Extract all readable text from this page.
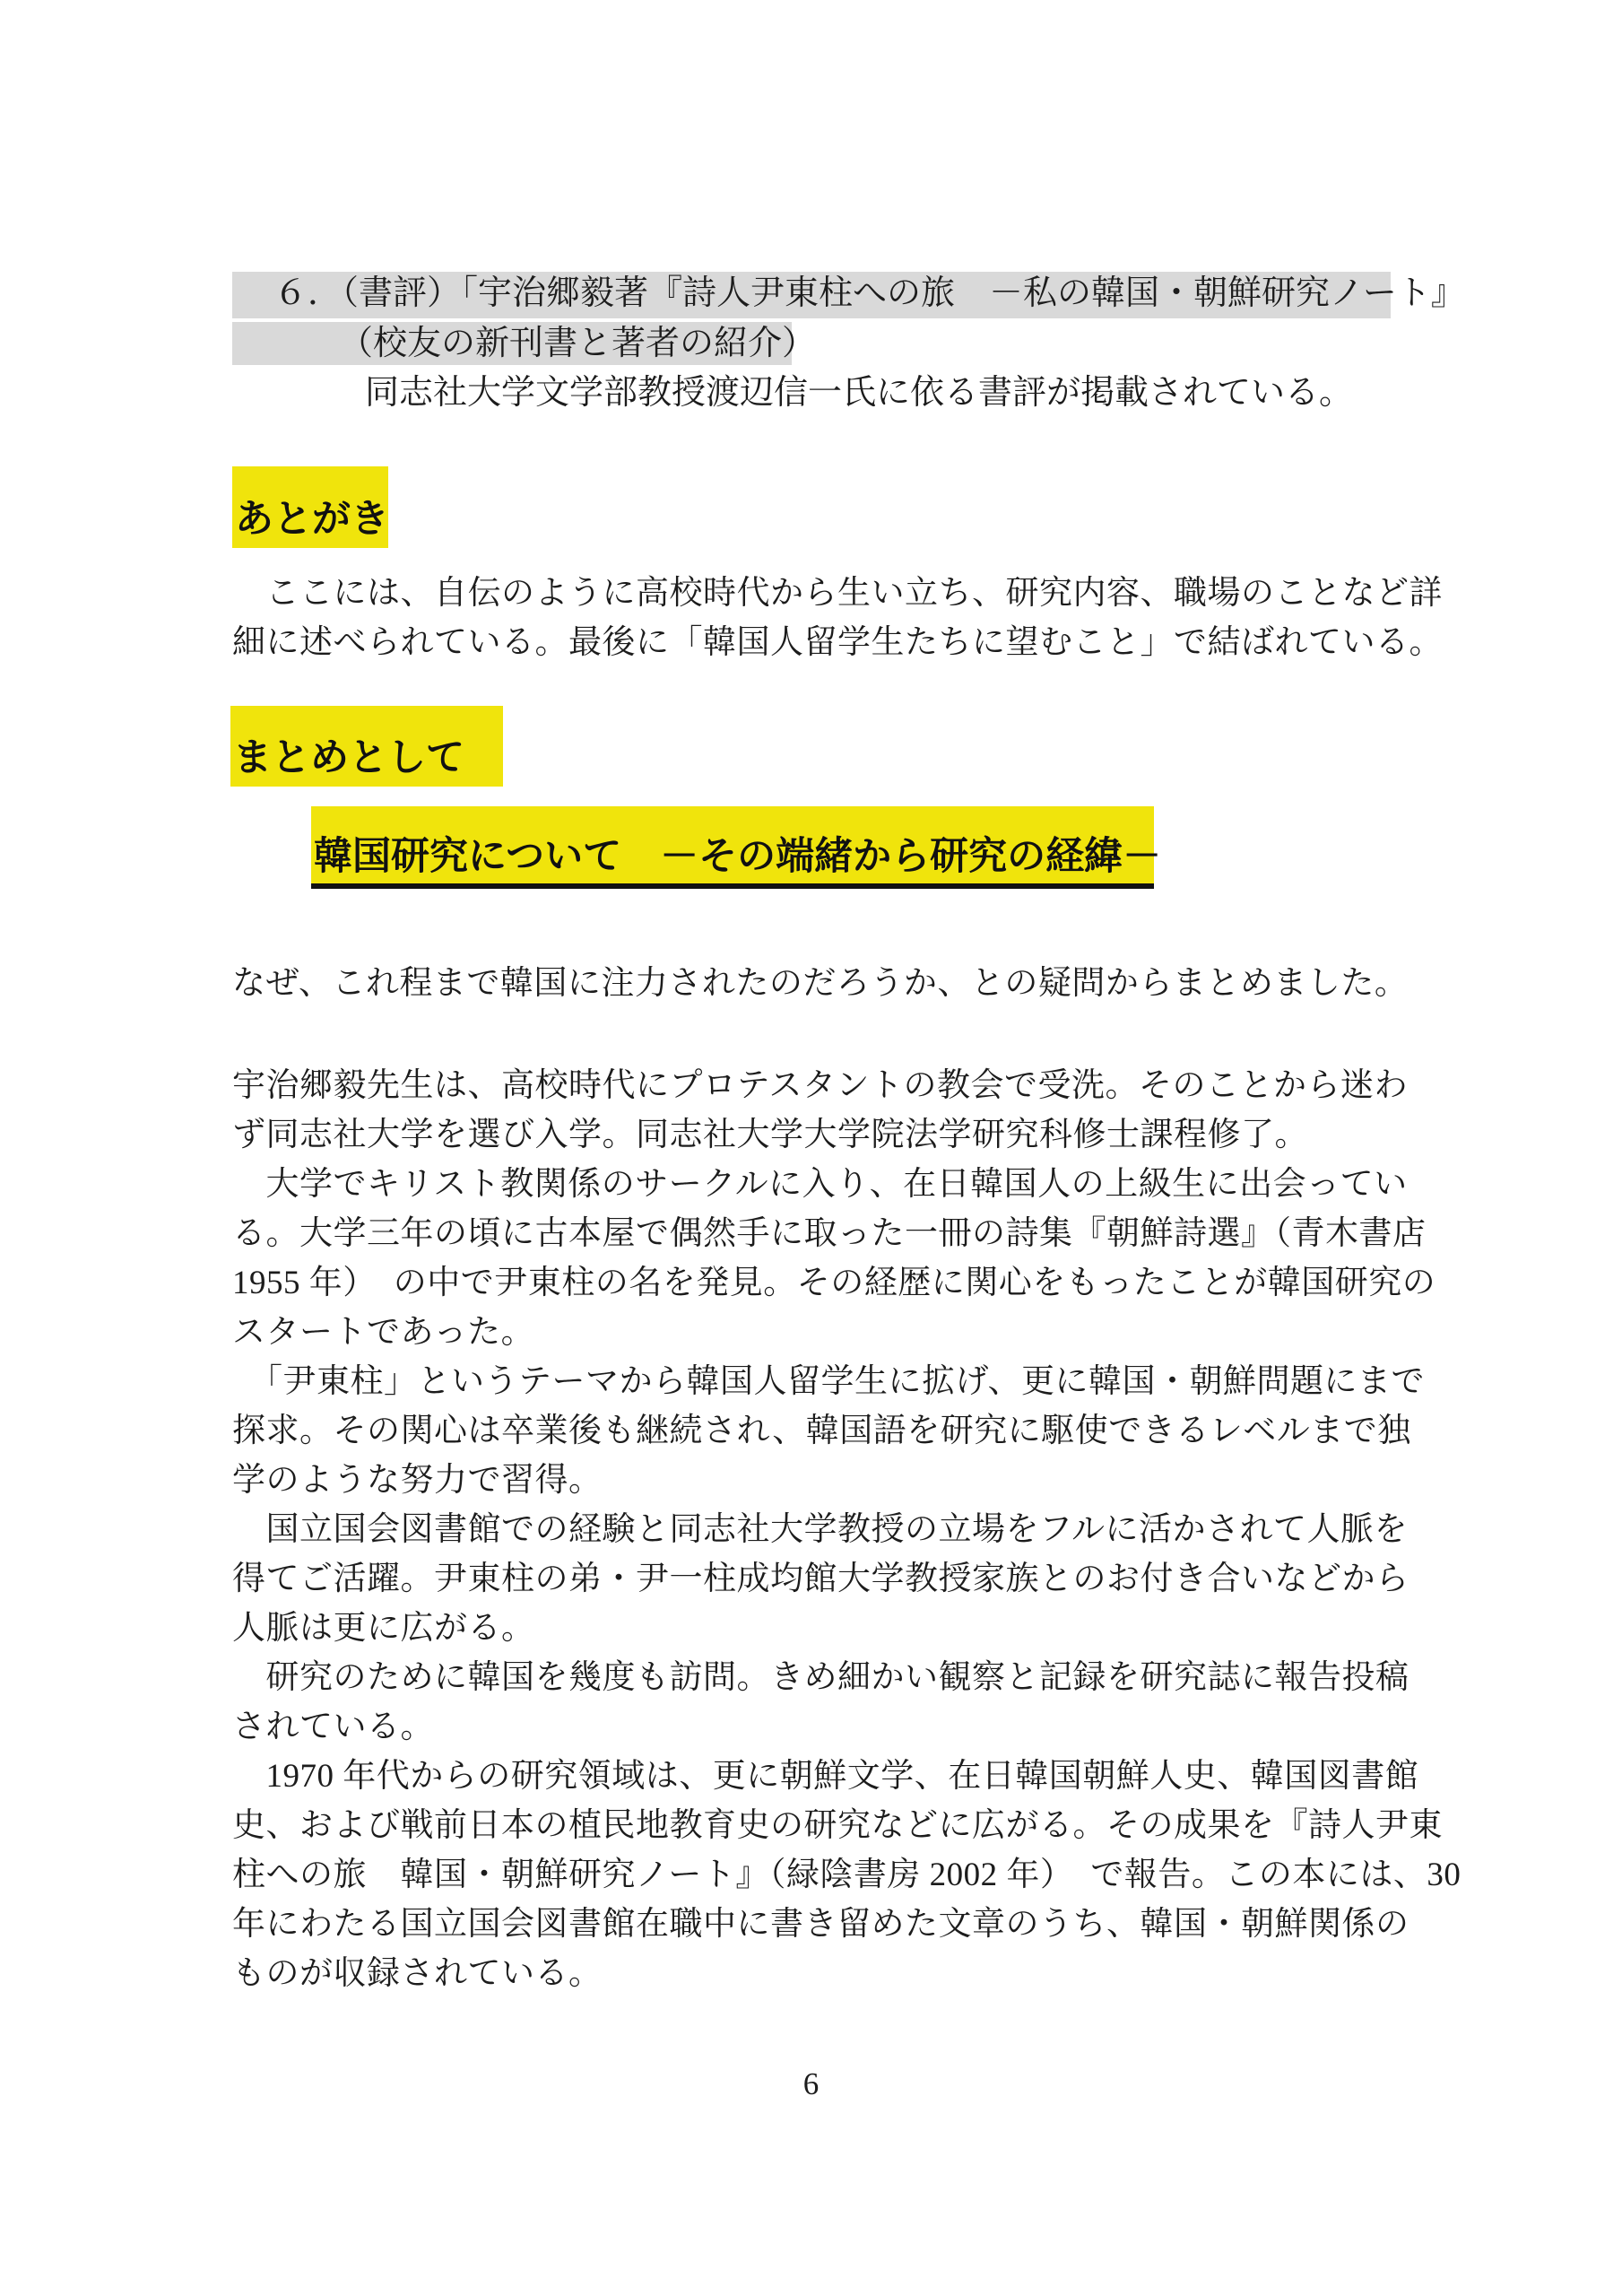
６．（書評）「宇治郷毅著『詩人尹東柱への旅　－私の韓国・朝鮮研究ノート』
（校友の新刊書と著者の紹介）
同志社大学文学部教授渡辺信一氏に依る書評が掲載されている。
あとがき
　ここには、自伝のように高校時代から生い立ち、研究内容、職場のことなど詳
細に述べられている。最後に「韓国人留学生たちに望むこと」で結ばれている。
まとめとして
韓国研究について　－その端緒から研究の経緯－
なぜ、これ程まで韓国に注力されたのだろうか、との疑問からまとめました。
宇治郷毅先生は、高校時代にプロテスタントの教会で受洗。そのことから迷わ
ず同志社大学を選び入学。同志社大学大学院法学研究科修士課程修了。
　大学でキリスト教関係のサークルに入り、在日韓国人の上級生に出会ってい
る。大学三年の頃に古本屋で偶然手に取った一冊の詩集『朝鮮詩選』（青木書店
1955 年）　の中で尹東柱の名を発見。その経歴に関心をもったことが韓国研究の
スタートであった。
　「尹東柱」というテーマから韓国人留学生に拡げ、更に韓国・朝鮮問題にまで
探求。その関心は卒業後も継続され、韓国語を研究に駆使できるレベルまで独
学のような努力で習得。
　国立国会図書館での経験と同志社大学教授の立場をフルに活かされて人脈を
得てご活躍。尹東柱の弟・尹一柱成均館大学教授家族とのお付き合いなどから
人脈は更に広がる。
　研究のために韓国を幾度も訪問。きめ細かい観察と記録を研究誌に報告投稿
されている。
　1970 年代からの研究領域は、更に朝鮮文学、在日韓国朝鮮人史、韓国図書館
史、および戦前日本の植民地教育史の研究などに広がる。その成果を『詩人尹東
柱への旅　韓国・朝鮮研究ノート』（緑陰書房 2002 年）　で報告。この本には、30
年にわたる国立国会図書館在職中に書き留めた文章のうち、韓国・朝鮮関係の
ものが収録されている。
6
